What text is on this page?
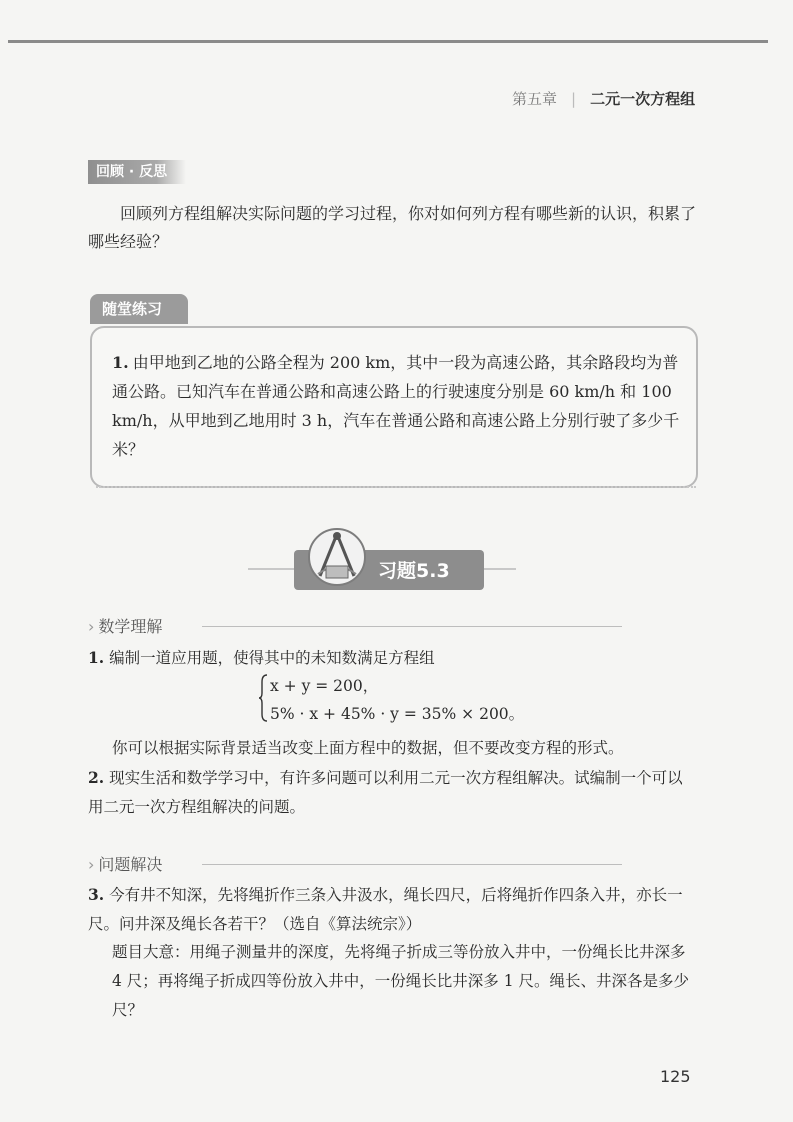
第五章 | 二元一次方程组
回顾 · 反思
回顾列方程组解决实际问题的学习过程，你对如何列方程有哪些新的认识，积累了哪些经验？
随堂练习
1. 由甲地到乙地的公路全程为 200 km，其中一段为高速公路，其余路段均为普通公路。已知汽车在普通公路和高速公路上的行驶速度分别是 60 km/h 和 100 km/h，从甲地到乙地用时 3 h，汽车在普通公路和高速公路上分别行驶了多少千米？
习题5.3
› 数学理解
1. 编制一道应用题，使得其中的未知数满足方程组
x + y = 200，
5% · x + 45% · y = 35% × 200。
你可以根据实际背景适当改变上面方程中的数据，但不要改变方程的形式。
2. 现实生活和数学学习中，有许多问题可以利用二元一次方程组解决。试编制一个可以用二元一次方程组解决的问题。
› 问题解决
3. 今有井不知深，先将绳折作三条入井汲水，绳长四尺，后将绳折作四条入井，亦长一尺。问井深及绳长各若干？（选自《算法统宗》）
题目大意：用绳子测量井的深度，先将绳子折成三等份放入井中，一份绳长比井深多 4 尺；再将绳子折成四等份放入井中，一份绳长比井深多 1 尺。绳长、井深各是多少尺？
125
